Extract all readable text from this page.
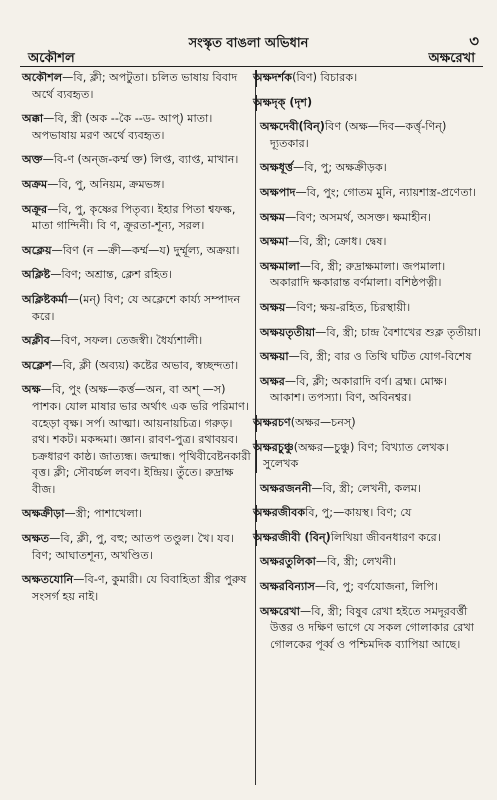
সংস্কৃত বাঙলা অভিধান	৩
অকৌশল	অক্ষরেখা
অকৌশল—বি, ক্লী; অপটুতা। চলিত ভাষায় বিবাদ অর্থে ব্যবহৃত।
অক্কা—বি, স্ত্রী (অক --কৈ --ড- আপ্) মাতা। অপভাষায় মরণ অর্থে ব্যবহৃত।
অক্ত—বি-ণ (অন্জ-কর্ম্ম ক্ত) লিপ্ত, ব্যাপ্ত, মাখান।
অক্রম—বি, পু, অনিয়ম, ক্রমভঙ্গ।
অক্রূর—বি, পু, কৃষ্ণের পিতৃব্য। ইহার পিতা শ্বফল্ক, মাতা গান্দিনী। বি ণ, ক্রূরতা-শূন্য, সরল।
অক্লেয়—বিণ (ন —ক্রী—কর্ম্ম—য) দুর্ম্মূল্য, অক্রয়া।
অক্লিষ্ট—বিণ; অশ্রান্ত, ক্লেশ রহিত।
অক্লিষ্টকর্মা—(মন্) বিণ; যে অক্লেশে কার্য্য সম্পাদন করে।
অক্লীব—বিণ, সফল। তেজস্বী। ধৈর্য্যশালী।
অক্লেশ—বি, ক্লী (অব্যয়) কষ্টের অভাব, স্বচ্ছন্দতা।
অক্ষ—বি, পুং (অক্ষ—কর্ত্ত—অন, বা অশ্ —স) পাশক। যোল মাষার ভার অর্থাৎ এক ভরি পরিমাণ। বহেড়া বৃক্ষ। সর্প। আত্মা। আয়নায়চিত্র। গরুড়। রথ। শকট। মকদ্দমা। জ্ঞান। রাবণ-পুত্র। রথাবয়ব। চক্রধারণ কাষ্ঠ। জাত্যন্ধ। জন্মান্ধ। পৃথিবীবেষ্টনকারী বৃত্ত। ক্লী; সৌবর্চ্চল লবণ। ইন্দ্রিয়। তুঁতে। রুদ্রাক্ষ বীজ।
অক্ষক্রীড়া—স্ত্রী; পাশাখেলা।
অক্ষত—বি, ক্লী, পু, বহু; আতপ তণ্ডুল। খৈ। যব। বিণ; আঘাতশূন্য, অখণ্ডিত।
অক্ষতযোনি—বি-ণ, কুমারী। যে বিবাহিতা স্ত্রীর পুরুষ সংসর্গ হয় নাই।
অক্ষদর্শক(বিণ) বিচারক।
অক্ষদৃক্ (দৃশ)
অক্ষদেবী(বিন্)বিণ (অক্ষ—দিব—কর্ত্তৃ-ণিন্) দ্যূতকার।
অক্ষধূর্ত্ত—বি, পু; অক্ষক্রীড়ক।
অক্ষপাদ—বি, পুং; গোতম মুনি, ন্যায়শাস্ত্র-প্রণেতা।
অক্ষম—বিণ; অসমর্থ, অসক্ত। ক্ষমাহীন।
অক্ষমা—বি, স্ত্রী; ক্রোধ। দ্বেষ।
অক্ষমালা—বি, স্ত্রী; রুদ্রাক্ষমালা। জপমালা। অকারাদি ক্ষকারান্ত বর্ণমালা। বশিষ্ঠপত্নী।
অক্ষয়—বিণ; ক্ষয়-রহিত, চিরস্থায়ী।
অক্ষয়তৃতীয়া—বি, স্ত্রী; চান্দ্র বৈশাখের শুক্ল তৃতীয়া।
অক্ষয়া—বি, স্ত্রী; বার ও তিথি ঘটিত যোগ-বিশেষ
অক্ষর—বি, ক্লী; অকারাদি বর্ণ। ব্রহ্ম। মোক্ষ। আকাশ। তপস্যা। বিণ, অবিনশ্বর।
অক্ষরচণ(অক্ষর—চনস্)
অক্ষরচুঞ্চু(অক্ষর—চুঞ্চু) বিণ; বিখ্যাত লেখক। সুলেখক
অক্ষরজননী—বি, স্ত্রী; লেখনী, কলম।
অক্ষরজীবকবি, পু;—কায়স্থ। বিণ; যে
অক্ষরজীবী (বিন্)লিখিয়া জীবনধারণ করে।
অক্ষরতুলিকা—বি, স্ত্রী; লেখনী।
অক্ষরবিন্যাস—বি, পু; বর্ণযোজনা, লিপি।
অক্ষরেখা—বি, স্ত্রী; বিষুব রেখা হইতে সমদূরবর্ত্তী উত্তর ও দক্ষিণ ভাগে যে সকল গোলাকার রেখা গোলকের পূর্ব্ব ও পশ্চিমদিক ব্যাপিয়া আছে।
